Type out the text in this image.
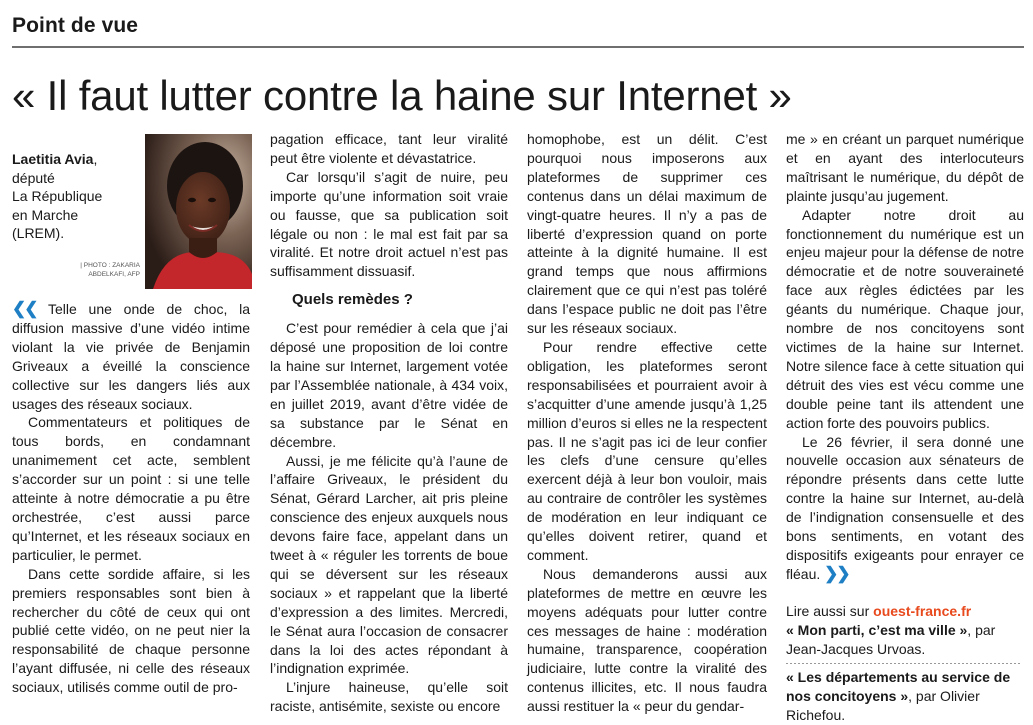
Point de vue
« Il faut lutter contre la haine sur Internet »
Laetitia Avia,
député
La République
en Marche
(LREM).
| PHOTO : ZAKARIA ABDELKAFI, AFP

❮❮ Telle une onde de choc, la diffusion massive d’une vidéo intime violant la vie privée de Benjamin Griveaux a éveillé la conscience collective sur les dangers liés aux usages des réseaux sociaux.

Commentateurs et politiques de tous bords, en condamnant unanimement cet acte, semblent s’accorder sur un point : si une telle atteinte à notre démocratie a pu être orchestrée, c’est aussi parce qu’Internet, et les réseaux sociaux en particulier, le permet.

Dans cette sordide affaire, si les premiers responsables sont bien à rechercher du côté de ceux qui ont publié cette vidéo, on ne peut nier la responsabilité de chaque personne l’ayant diffusée, ni celle des réseaux sociaux, utilisés comme outil de pro-

pagation efficace, tant leur viralité peut être violente et dévastatrice.

Car lorsqu’il s’agit de nuire, peu importe qu’une information soit vraie ou fausse, que sa publication soit légale ou non : le mal est fait par sa viralité. Et notre droit actuel n’est pas suffisamment dissuasif.

Quels remèdes ?

C’est pour remédier à cela que j’ai déposé une proposition de loi contre la haine sur Internet, largement votée par l’Assemblée nationale, à 434 voix, en juillet 2019, avant d’être vidée de sa substance par le Sénat en décembre.

Aussi, je me félicite qu’à l’aune de l’affaire Griveaux, le président du Sénat, Gérard Larcher, ait pris pleine conscience des enjeux auxquels nous devons faire face, appelant dans un tweet à « réguler les torrents de boue qui se déversent sur les réseaux sociaux » et rappelant que la liberté d’expression a des limites. Mercredi, le Sénat aura l’occasion de consacrer dans la loi des actes répondant à l’indignation exprimée.

L’injure haineuse, qu’elle soit raciste, antisémite, sexiste ou encore

homophobe, est un délit. C’est pourquoi nous imposerons aux plateformes de supprimer ces contenus dans un délai maximum de vingt-quatre heures. Il n’y a pas de liberté d’expression quand on porte atteinte à la dignité humaine. Il est grand temps que nous affirmions clairement que ce qui n’est pas toléré dans l’espace public ne doit pas l’être sur les réseaux sociaux.

Pour rendre effective cette obligation, les plateformes seront responsabilisées et pourraient avoir à s’acquitter d’une amende jusqu’à 1,25 million d’euros si elles ne la respectent pas. Il ne s’agit pas ici de leur confier les clefs d’une censure qu’elles exercent déjà à leur bon vouloir, mais au contraire de contrôler les systèmes de modération en leur indiquant ce qu’elles doivent retirer, quand et comment.

Nous demanderons aussi aux plateformes de mettre en œuvre les moyens adéquats pour lutter contre ces messages de haine : modération humaine, transparence, coopération judiciaire, lutte contre la viralité des contenus illicites, etc. Il nous faudra aussi restituer la « peur du gendar-

me » en créant un parquet numérique et en ayant des interlocuteurs maîtrisant le numérique, du dépôt de plainte jusqu’au jugement.

Adapter notre droit au fonctionnement du numérique est un enjeu majeur pour la défense de notre démocratie et de notre souveraineté face aux règles édictées par les géants du numérique. Chaque jour, nombre de nos concitoyens sont victimes de la haine sur Internet. Notre silence face à cette situation qui détruit des vies est vécu comme une double peine tant ils attendent une action forte des pouvoirs publics.

Le 26 février, il sera donné une nouvelle occasion aux sénateurs de répondre présents dans cette lutte contre la haine sur Internet, au-delà de l’indignation consensuelle et des bons sentiments, en votant des dispositifs exigeants pour enrayer ce fléau. ❯❯

Lire aussi sur ouest-france.fr

« Mon parti, c’est ma ville », par Jean-Jacques Urvoas.

« Les départements au service de nos concitoyens », par Olivier Richefou.
